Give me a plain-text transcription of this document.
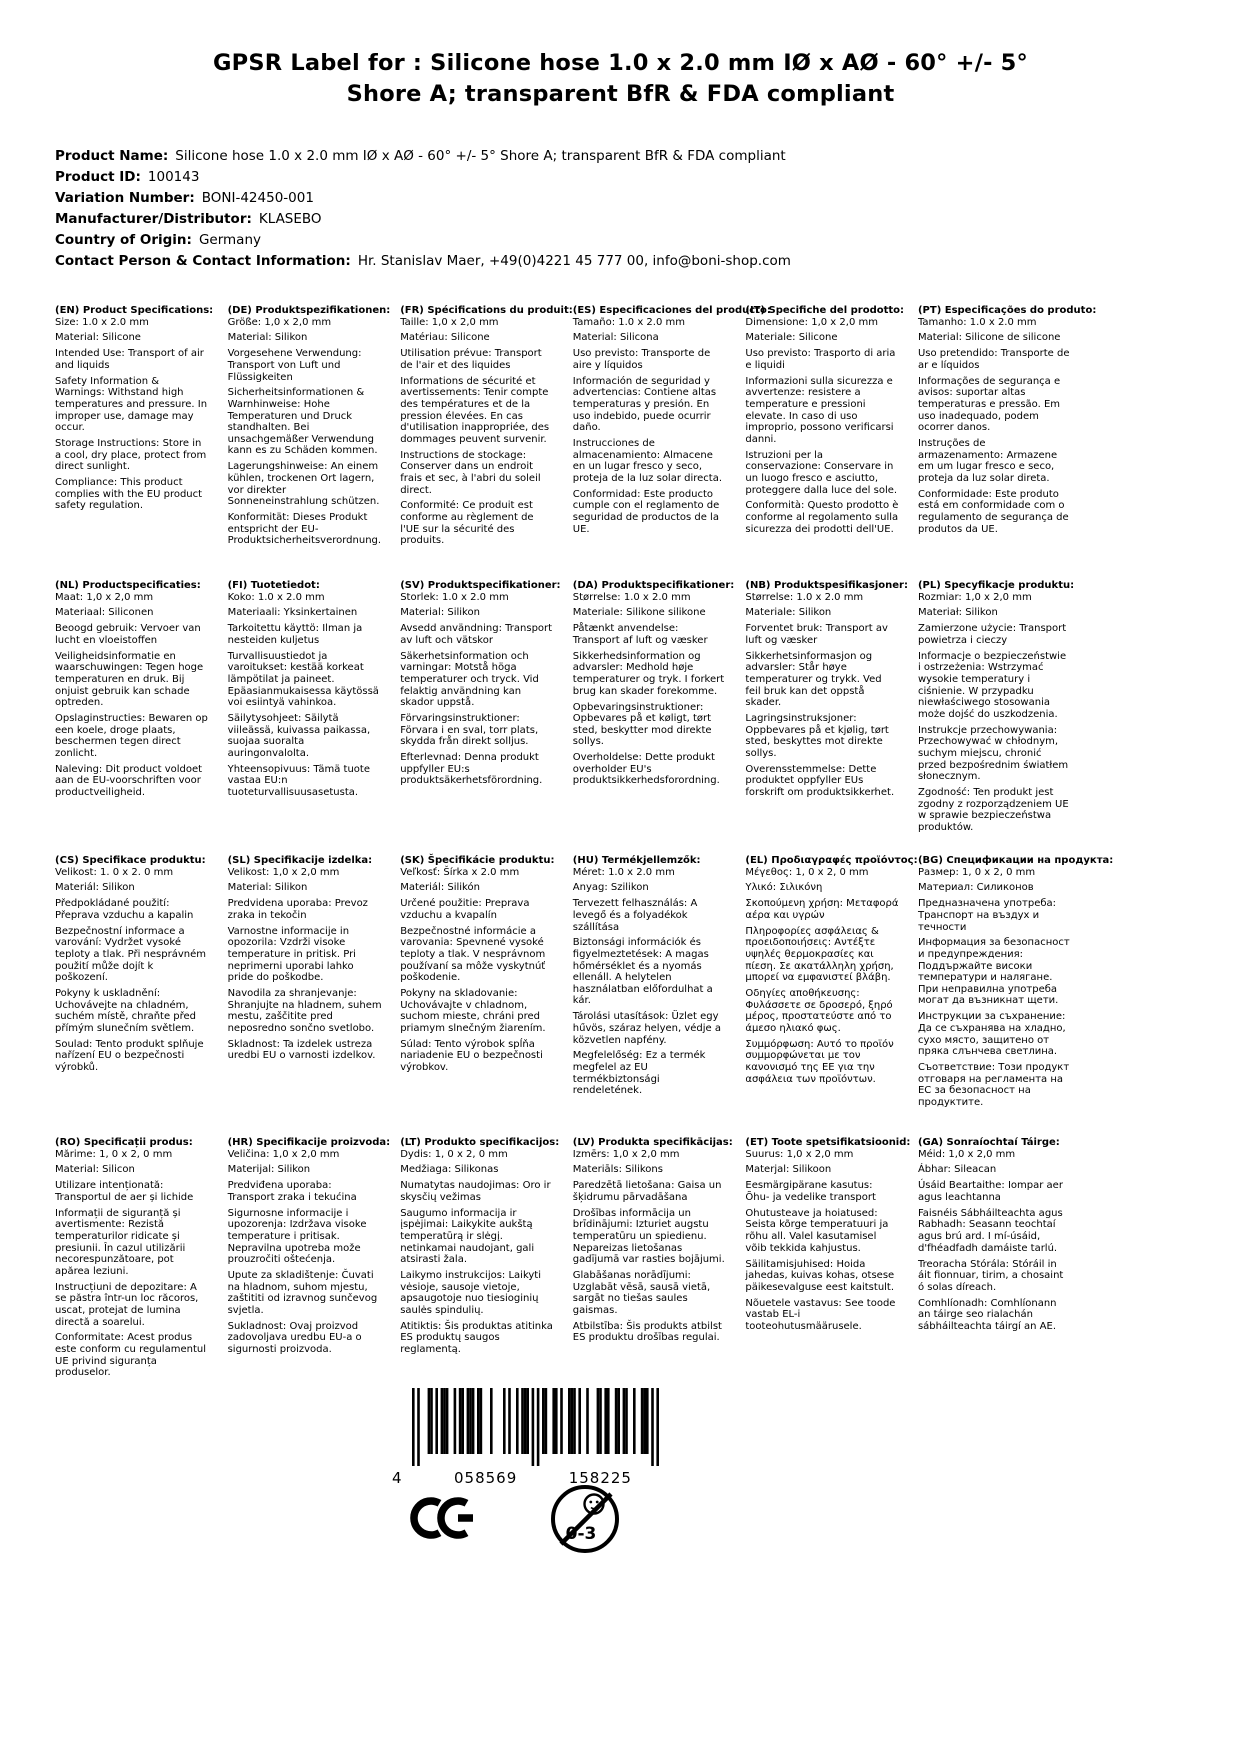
GPSR Label for : Silicone hose 1.0 x 2.0 mm IØ x AØ - 60° +/- 5°
Shore A; transparent BfR & FDA compliant
Product Name: Silicone hose 1.0 x 2.0 mm IØ x AØ - 60° +/- 5° Shore A; transparent BfR & FDA compliant
Product ID: 100143
Variation Number: BONI-42450-001
Manufacturer/Distributor: KLASEBO
Country of Origin: Germany
Contact Person & Contact Information: Hr. Stanislav Maer, +49(0)4221 45 777 00, info@boni-shop.com
(EN) Product Specifications:

Size: 1.0 x 2.0 mm

Material: Silicone

Intended Use: Transport of air and liquids

Safety Information & Warnings: Withstand high temperatures and pressure. In improper use, damage may occur.

Storage Instructions: Store in a cool, dry place, protect from direct sunlight.

Compliance: This product complies with the EU product safety regulation.

(DE) Produktspezifikationen:

Größe: 1,0 x 2,0 mm

Material: Silikon

Vorgesehene Verwendung: Transport von Luft und Flüssigkeiten

Sicherheitsinformationen & Warnhinweise: Hohe Temperaturen und Druck standhalten. Bei unsachgemäßer Verwendung kann es zu Schäden kommen.

Lagerungshinweise: An einem kühlen, trockenen Ort lagern, vor direkter Sonneneinstrahlung schützen.

Konformität: Dieses Produkt entspricht der EU-Produktsicherheitsverordnung.

(FR) Spécifications du produit:

Taille: 1,0 x 2,0 mm

Matériau: Silicone

Utilisation prévue: Transport de l'air et des liquides

Informations de sécurité et avertissements: Tenir compte des températures et de la pression élevées. En cas d'utilisation inappropriée, des dommages peuvent survenir.

Instructions de stockage: Conserver dans un endroit frais et sec, à l'abri du soleil direct.

Conformité: Ce produit est conforme au règlement de l'UE sur la sécurité des produits.

(ES) Especificaciones del producto:

Tamaño: 1.0 x 2.0 mm

Material: Silicona

Uso previsto: Transporte de aire y líquidos

Información de seguridad y advertencias: Contiene altas temperaturas y presión. En uso indebido, puede ocurrir daño.

Instrucciones de almacenamiento: Almacene en un lugar fresco y seco, proteja de la luz solar directa.

Conformidad: Este producto cumple con el reglamento de seguridad de productos de la UE.

(IT) Specifiche del prodotto:

Dimensione: 1,0 x 2,0 mm

Materiale: Silicone

Uso previsto: Trasporto di aria e liquidi

Informazioni sulla sicurezza e avvertenze: resistere a temperature e pressioni elevate. In caso di uso improprio, possono verificarsi danni.

Istruzioni per la conservazione: Conservare in un luogo fresco e asciutto, proteggere dalla luce del sole.

Conformità: Questo prodotto è conforme al regolamento sulla sicurezza dei prodotti dell'UE.

(PT) Especificações do produto:

Tamanho: 1.0 x 2.0 mm

Material: Silicone de silicone

Uso pretendido: Transporte de ar e líquidos

Informações de segurança e avisos: suportar altas temperaturas e pressão. Em uso inadequado, podem ocorrer danos.

Instruções de armazenamento: Armazene em um lugar fresco e seco, proteja da luz solar direta.

Conformidade: Este produto está em conformidade com o regulamento de segurança de produtos da UE.

(NL) Productspecificaties:

Maat: 1,0 x 2,0 mm

Materiaal: Siliconen

Beoogd gebruik: Vervoer van lucht en vloeistoffen

Veiligheidsinformatie en waarschuwingen: Tegen hoge temperaturen en druk. Bij onjuist gebruik kan schade optreden.

Opslaginstructies: Bewaren op een koele, droge plaats, beschermen tegen direct zonlicht.

Naleving: Dit product voldoet aan de EU-voorschriften voor productveiligheid.

(FI) Tuotetiedot:

Koko: 1.0 x 2.0 mm

Materiaali: Yksinkertainen

Tarkoitettu käyttö: Ilman ja nesteiden kuljetus

Turvallisuustiedot ja varoitukset: kestää korkeat lämpötilat ja paineet. Epäasianmukaisessa käytössä voi esiintyä vahinkoa.

Säilytysohjeet: Säilytä viileässä, kuivassa paikassa, suojaa suoralta auringonvalolta.

Yhteensopivuus: Tämä tuote vastaa EU:n tuoteturvallisuusasetusta.

(SV) Produktspecifikationer:

Storlek: 1.0 x 2.0 mm

Material: Silikon

Avsedd användning: Transport av luft och vätskor

Säkerhetsinformation och varningar: Motstå höga temperaturer och tryck. Vid felaktig användning kan skador uppstå.

Förvaringsinstruktioner: Förvara i en sval, torr plats, skydda från direkt solljus.

Efterlevnad: Denna produkt uppfyller EU:s produktsäkerhetsförordning.

(DA) Produktspecifikationer:

Størrelse: 1.0 x 2.0 mm

Materiale: Silikone silikone

Påtænkt anvendelse: Transport af luft og væsker

Sikkerhedsinformation og advarsler: Medhold høje temperaturer og tryk. I forkert brug kan skader forekomme.

Opbevaringsinstruktioner: Opbevares på et køligt, tørt sted, beskytter mod direkte sollys.

Overholdelse: Dette produkt overholder EU's produktsikkerhedsforordning.

(NB) Produktspesifikasjoner:

Størrelse: 1.0 x 2.0 mm

Materiale: Silikon

Forventet bruk: Transport av luft og væsker

Sikkerhetsinformasjon og advarsler: Står høye temperaturer og trykk. Ved feil bruk kan det oppstå skader.

Lagringsinstruksjoner: Oppbevares på et kjølig, tørt sted, beskyttes mot direkte sollys.

Overensstemmelse: Dette produktet oppfyller EUs forskrift om produktsikkerhet.

(PL) Specyfikacje produktu:

Rozmiar: 1,0 x 2,0 mm

Materiał: Silikon

Zamierzone użycie: Transport powietrza i cieczy

Informacje o bezpieczeństwie i ostrzeżenia: Wstrzymać wysokie temperatury i ciśnienie. W przypadku niewłaściwego stosowania może dojść do uszkodzenia.

Instrukcje przechowywania: Przechowywać w chłodnym, suchym miejscu, chronić przed bezpośrednim światłem słonecznym.

Zgodność: Ten produkt jest zgodny z rozporządzeniem UE w sprawie bezpieczeństwa produktów.

(CS) Specifikace produktu:

Velikost: 1. 0 x 2. 0 mm

Materiál: Silikon

Předpokládané použití: Přeprava vzduchu a kapalin

Bezpečnostní informace a varování: Vydržet vysoké teploty a tlak. Při nesprávném použití může dojít k poškození.

Pokyny k uskladnění: Uchovávejte na chladném, suchém místě, chraňte před přímým slunečním světlem.

Soulad: Tento produkt splňuje nařízení EU o bezpečnosti výrobků.

(SL) Specifikacije izdelka:

Velikost: 1,0 x 2,0 mm

Material: Silikon

Predvidena uporaba: Prevoz zraka in tekočin

Varnostne informacije in opozorila: Vzdrži visoke temperature in pritisk. Pri neprimerni uporabi lahko pride do poškodbe.

Navodila za shranjevanje: Shranjujte na hladnem, suhem mestu, zaščitite pred neposredno sončno svetlobo.

Skladnost: Ta izdelek ustreza uredbi EU o varnosti izdelkov.

(SK) Špecifikácie produktu:

Veľkosť: Šírka x 2.0 mm

Materiál: Silikón

Určené použitie: Preprava vzduchu a kvapalín

Bezpečnostné informácie a varovania: Spevnené vysoké teploty a tlak. V nesprávnom používaní sa môže vyskytnúť poškodenie.

Pokyny na skladovanie: Uchovávajte v chladnom, suchom mieste, chráni pred priamym slnečným žiarením.

Súlad: Tento výrobok spĺňa nariadenie EU o bezpečnosti výrobkov.

(HU) Termékjellemzők:

Méret: 1.0 x 2.0 mm

Anyag: Szilikon

Tervezett felhasználás: A levegő és a folyadékok szállítása

Biztonsági információk és figyelmeztetések: A magas hőmérséklet és a nyomás ellenáll. A helytelen használatban előfordulhat a kár.

Tárolási utasítások: Üzlet egy hűvös, száraz helyen, védje a közvetlen napfény.

Megfelelőség: Ez a termék megfelel az EU termékbiztonsági rendeletének.

(EL) Προδιαγραφές προϊόντος:

Μέγεθος: 1, 0 x 2, 0 mm

Υλικό: Σιλικόνη

Σκοπούμενη χρήση: Μεταφορά αέρα και υγρών

Πληροφορίες ασφάλειας & προειδοποιήσεις: Αντέξτε υψηλές θερμοκρασίες και πίεση. Σε ακατάλληλη χρήση, μπορεί να εμφανιστεί βλάβη.

Οδηγίες αποθήκευσης: Φυλάσσετε σε δροσερό, ξηρό μέρος, προστατεύστε από το άμεσο ηλιακό φως.

Συμμόρφωση: Αυτό το προϊόν συμμορφώνεται με τον κανονισμό της ΕΕ για την ασφάλεια των προϊόντων.

(BG) Спецификации на продукта:

Размер: 1, 0 x 2, 0 mm

Материал: Силиконов

Предназначена употреба: Транспорт на въздух и течности

Информация за безопасност и предупреждения: Поддържайте високи температури и налягане. При неправилна употреба могат да възникнат щети.

Инструкции за съхранение: Да се съхранява на хладно, сухо място, защитено от пряка слънчева светлина.

Съответствие: Този продукт отговаря на регламента на ЕС за безопасност на продуктите.

(RO) Specificații produs:

Mărime: 1, 0 x 2, 0 mm

Material: Silicon

Utilizare intenționată: Transportul de aer și lichide

Informații de siguranță și avertismente: Rezistă temperaturilor ridicate și presiunii. În cazul utilizării necorespunzătoare, pot apărea leziuni.

Instrucțiuni de depozitare: A se păstra într-un loc răcoros, uscat, protejat de lumina directă a soarelui.

Conformitate: Acest produs este conform cu regulamentul UE privind siguranța produselor.

(HR) Specifikacije proizvoda:

Veličina: 1,0 x 2,0 mm

Materijal: Silikon

Predviđena uporaba: Transport zraka i tekućina

Sigurnosne informacije i upozorenja: Izdržava visoke temperature i pritisak. Nepravilna upotreba može prouzročiti oštećenja.

Upute za skladištenje: Čuvati na hladnom, suhom mjestu, zaštititi od izravnog sunčevog svjetla.

Sukladnost: Ovaj proizvod zadovoljava uredbu EU-a o sigurnosti proizvoda.

(LT) Produkto specifikacijos:

Dydis: 1, 0 x 2, 0 mm

Medžiaga: Silikonas

Numatytas naudojimas: Oro ir skysčių vežimas

Saugumo informacija ir įspėjimai: Laikykite aukštą temperatūrą ir slėgį. netinkamai naudojant, gali atsirasti žala.

Laikymo instrukcijos: Laikyti vėsioje, sausoje vietoje, apsaugotoje nuo tiesioginių saulės spindulių.

Atitiktis: Šis produktas atitinka ES produktų saugos reglamentą.

(LV) Produkta specifikācijas:

Izmērs: 1,0 x 2,0 mm

Materiāls: Silikons

Paredzētā lietošana: Gaisa un šķidrumu pārvadāšana

Drošības informācija un brīdinājumi: Izturiet augstu temperatūru un spiedienu. Nepareizas lietošanas gadījumā var rasties bojājumi.

Glabāšanas norādījumi: Uzglabāt vēsā, sausā vietā, sargāt no tiešas saules gaismas.

Atbilstība: Šis produkts atbilst ES produktu drošības regulai.

(ET) Toote spetsifikatsioonid:

Suurus: 1,0 x 2,0 mm

Materjal: Silikoon

Eesmärgipärane kasutus: Õhu- ja vedelike transport

Ohutusteave ja hoiatused: Seista kõrge temperatuuri ja rõhu all. Valel kasutamisel võib tekkida kahjustus.

Säilitamisjuhised: Hoida jahedas, kuivas kohas, otsese päikesevalguse eest kaitstult.

Nõuetele vastavus: See toode vastab EL-i tooteohutusmäärusele.

(GA) Sonraíochtaí Táirge:

Méid: 1,0 x 2,0 mm

Ábhar: Sileacan

Úsáid Beartaithe: Iompar aer agus leachtanna

Faisnéis Sábháilteachta agus Rabhadh: Seasann teochtaí agus brú ard. I mí-úsáid, d'fhéadfadh damáiste tarlú.

Treoracha Stórála: Stóráil in áit fionnuar, tirim, a chosaint ó solas díreach.

Comhlíonadh: Comhlíonann an táirge seo rialachán sábháilteachta táirgí an AE.

4	058569	158225
0-3
